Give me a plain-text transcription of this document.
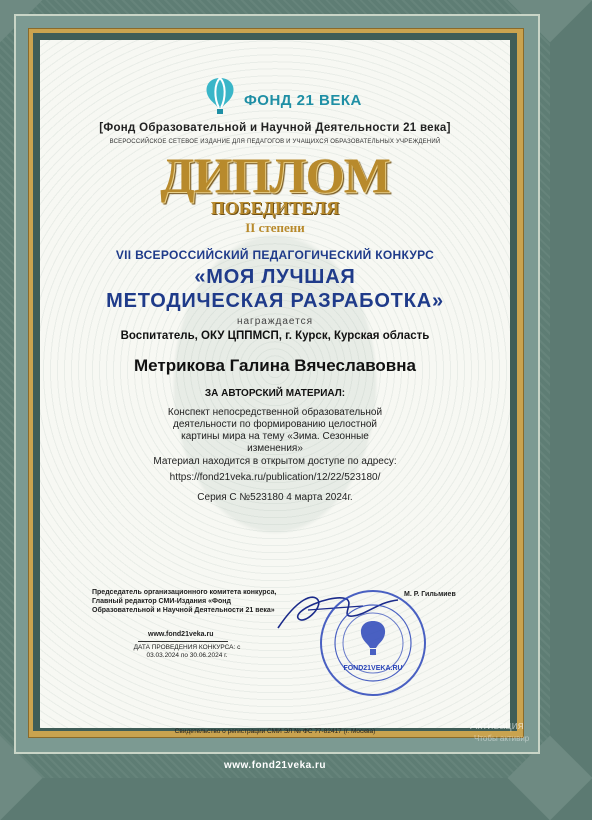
ФОНД 21 ВЕКА
[Фонд Образовательной и Научной Деятельности 21 века]
ВСЕРОССИЙСКОЕ СЕТЕВОЕ ИЗДАНИЕ ДЛЯ ПЕДАГОГОВ И УЧАЩИХСЯ ОБРАЗОВАТЕЛЬНЫХ УЧРЕЖДЕНИЙ
ДИПЛОМ
ПОБЕДИТЕЛЯ
II степени
VII ВСЕРОССИЙСКИЙ ПЕДАГОГИЧЕСКИЙ КОНКУРС
«МОЯ ЛУЧШАЯ
МЕТОДИЧЕСКАЯ РАЗРАБОТКА»
награждается
Воспитатель, ОКУ ЦППМСП, г. Курск, Курская область
Метрикова Галина Вячеславовна
ЗА АВТОРСКИЙ МАТЕРИАЛ:
Конспект непосредственной образовательной деятельности по формированию целостной картины мира на тему «Зима. Сезонные изменения»
Материал находится в открытом доступе по адресу:
https://fond21veka.ru/publication/12/22/523180/
Серия С №523180 4 марта 2024г.
Председатель организационного комитета конкурса, Главный редактор СМИ-Издания «Фонд Образовательной и Научной Деятельности 21 века»
www.fond21veka.ru
ДАТА ПРОВЕДЕНИЯ КОНКУРСА: с 03.03.2024 по 30.06.2024 г.
FOND21VEKA.RU
М. Р. Гильмиев
Свидетельство о регистрации СМИ ЭЛ № ФС 77-82417 (г. Москва)
www.fond21veka.ru
Активация
Чтобы активир
